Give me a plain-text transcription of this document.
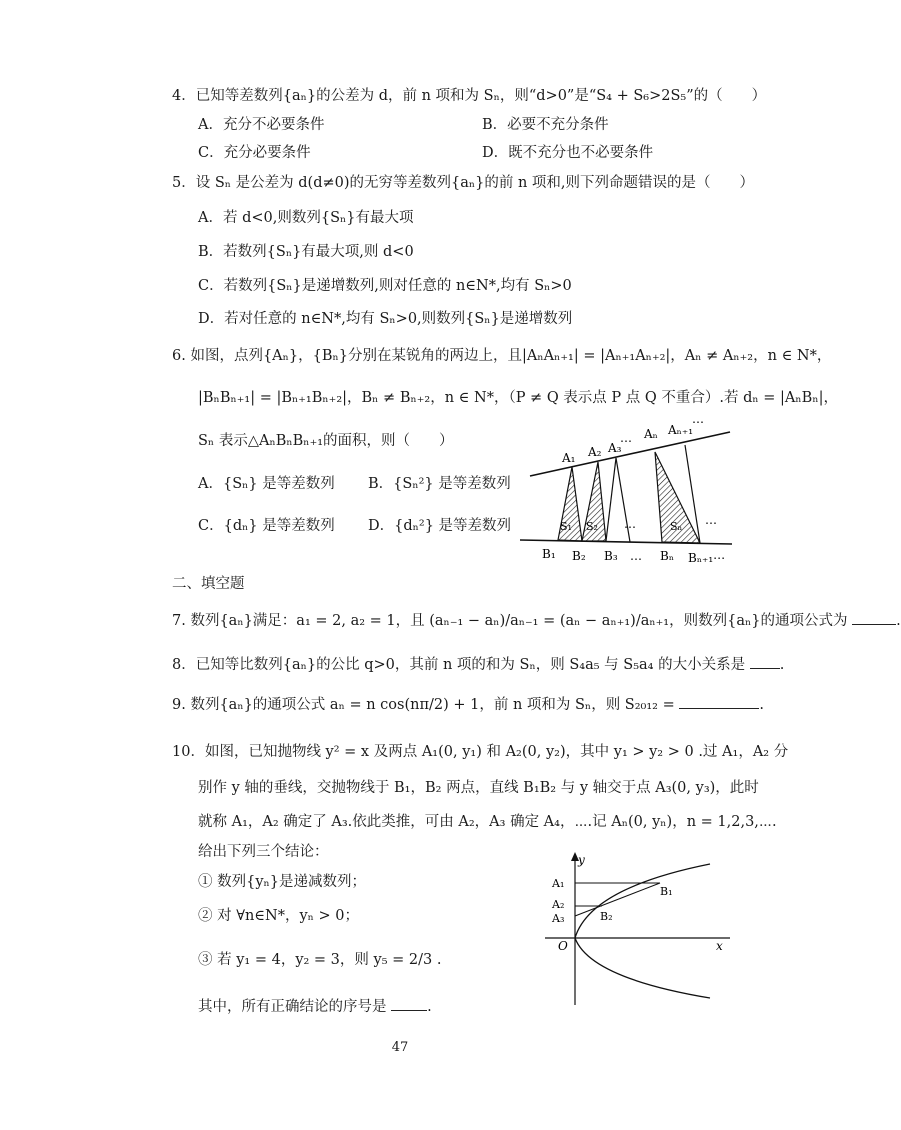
4．已知等差数列{aₙ}的公差为 d，前 n 项和为 Sₙ，则“d>0”是“S₄ + S₆>2S₅”的（　　）
A．充分不必要条件	B．必要不充分条件
C．充分必要条件	D．既不充分也不必要条件
5．设 Sₙ 是公差为 d(d≠0)的无穷等差数列{aₙ}的前 n 项和,则下列命题错误的是（　　）
A．若 d<0,则数列{Sₙ}有最大项
B．若数列{Sₙ}有最大项,则 d<0
C．若数列{Sₙ}是递增数列,则对任意的 n∈N*,均有 Sₙ>0
D．若对任意的 n∈N*,均有 Sₙ>0,则数列{Sₙ}是递增数列
6. 如图，点列{Aₙ}，{Bₙ}分别在某锐角的两边上，且|AₙAₙ₊₁| = |Aₙ₊₁Aₙ₊₂|，Aₙ ≠ Aₙ₊₂，n ∈ N*，
|BₙBₙ₊₁| = |Bₙ₊₁Bₙ₊₂|，Bₙ ≠ Bₙ₊₂，n ∈ N*，（P ≠ Q 表示点 P 点 Q 不重合）.若 dₙ = |AₙBₙ|，
Sₙ 表示△AₙBₙBₙ₊₁的面积，则（　　）
A．{Sₙ} 是等差数列 B．{Sₙ²} 是等差数列
C．{dₙ} 是等差数列 D．{dₙ²} 是等差数列
A₁ A₂ A₃
… Aₙ Aₙ₊₁
⋯
S₁ S₂ …	Sₙ …
B₁ B₂ B₃ … Bₙ Bₙ₊₁⋯
二、填空题
7. 数列{aₙ}满足：a₁ = 2, a₂ = 1，且 (aₙ₋₁ − aₙ)/aₙ₋₁ = (aₙ − aₙ₊₁)/aₙ₊₁，则数列{aₙ}的通项公式为	.
8．已知等比数列{aₙ}的公比 q>0，其前 n 项的和为 Sₙ，则 S₄a₅ 与 S₅a₄ 的大小关系是 .
9. 数列{aₙ}的通项公式 aₙ = n cos(nπ/2) + 1，前 n 项和为 Sₙ，则 S₂₀₁₂ =	.
10．如图，已知抛物线 y² = x 及两点 A₁(0, y₁) 和 A₂(0, y₂)，其中 y₁ > y₂ > 0 .过 A₁，A₂ 分
别作 y 轴的垂线，交抛物线于 B₁，B₂ 两点，直线 B₁B₂ 与 y 轴交于点 A₃(0, y₃)，此时
就称 A₁，A₂ 确定了 A₃.依此类推，可由 A₂，A₃ 确定 A₄，⋯.记 Aₙ(0, yₙ)，n = 1,2,3,⋯.
给出下列三个结论：
① 数列{yₙ}是递减数列；
② 对 ∀n∈N*，yₙ > 0；
③ 若 y₁ = 4，y₂ = 3，则 y₅ = 2/3 .
其中，所有正确结论的序号是	.
y
x
O
A₁
A₂
A₃
B₁
B₂
47
